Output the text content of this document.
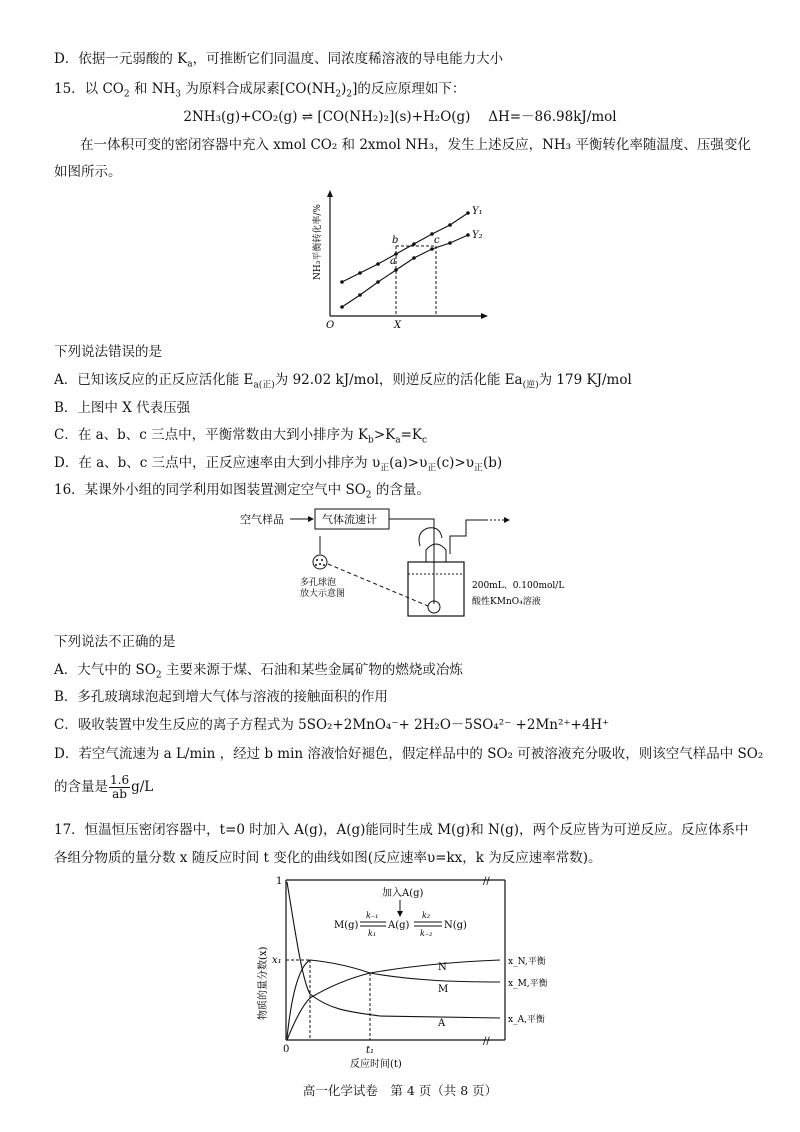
D．依据一元弱酸的 $K_a$，可推断它们同温度、同浓度稀溶液的导电能力大小
15．以 $CO_2$ 和 $NH_3$ 为原料合成尿素$[CO(NH_2)_2]$的反应原理如下：
2NH₃(g)+CO₂(g) ⇌ [CO(NH₂)₂](s)+H₂O(g)　 ΔH=－86.98kJ/mol
在一体积可变的密闭容器中充入 xmol CO₂ 和 2xmol NH₃，发生上述反应，NH₃ 平衡转化率随温度、压强变化
如图所示。
NH₃平衡转化率/%
O	X
b
a
c
Y₁
Y₂
下列说法错误的是
A．已知该反应的正反应活化能 $E_{a(正)}$为 92.02 kJ/mol，则逆反应的活化能 $Ea_{(逆)}$为 179 KJ/mol
B．上图中 X 代表压强
C．在 a、b、c 三点中，平衡常数由大到小排序为 $K_b>K_a=K_c$
D．在 a、b、c 三点中，正反应速率由大到小排序为 $\upsilon_正(a)>\upsilon_正(c)>\upsilon_正(b)$
16．某课外小组的同学利用如图装置测定空气中 $SO_2$ 的含量。
空气样品	气体流速计
多孔球泡
放大示意图
200mL、0.100mol/L
酸性KMnO₄溶液
下列说法不正确的是
A．大气中的 $SO_2$ 主要来源于煤、石油和某些金属矿物的燃烧或冶炼
B．多孔玻璃球泡起到增大气体与溶液的接触面积的作用
C．吸收装置中发生反应的离子方程式为 5SO₂+2MnO₄⁻+ 2H₂O－5SO₄²⁻ +2Mn²⁺+4H⁺
D．若空气流速为 a L/min ，经过 b min 溶液恰好褪色，假定样品中的 SO₂ 可被溶液充分吸收，则该空气样品中 SO₂
的含量是 $\frac{1.6}{ab} g/L$
17．恒温恒压密闭容器中，t=0 时加入 A(g)，A(g)能同时生成 M(g)和 N(g)，两个反应皆为可逆反应。反应体系中
各组分物质的量分数 x 随反应时间 t 变化的曲线如图(反应速率υ=kx，k 为反应速率常数)。
//
//
1
x₁
0
物质的量分数(x)
t₁
反应时间(t)
加入A(g)
M(g)	A(g)	N(g)
k₋₁
k₁
k₂
k₋₂
N
M
A
x_N,平衡
x_M,平衡
x_A,平衡
高一化学试卷　第 4 页（共 8 页）
